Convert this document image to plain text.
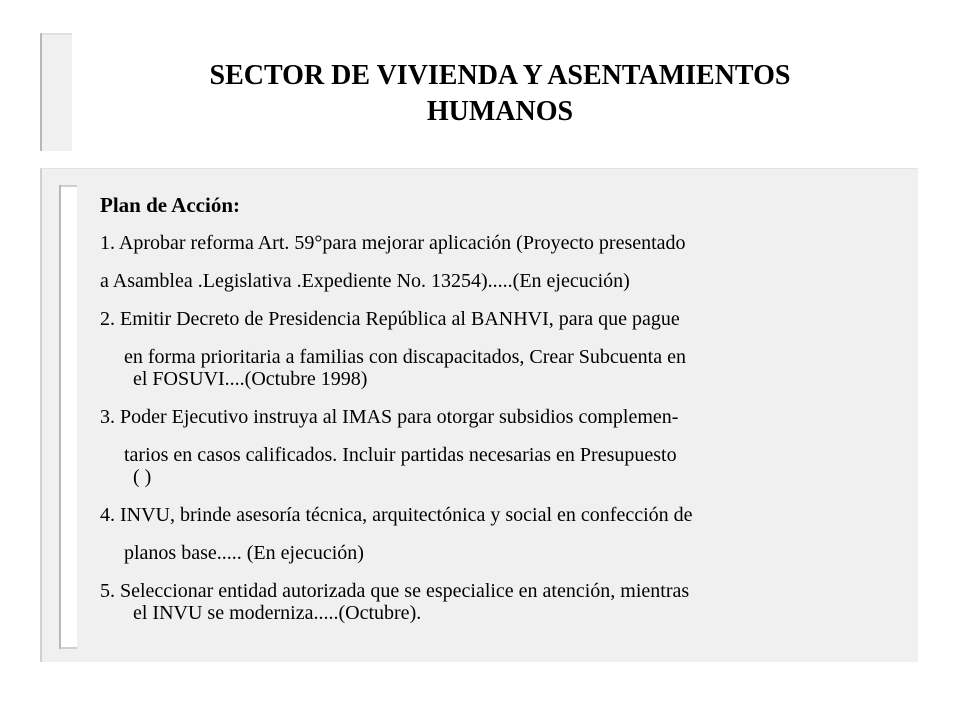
SECTOR DE VIVIENDA Y ASENTAMIENTOS
HUMANOS
Plan de Acción:
1. Aprobar reforma Art. 59°para mejorar aplicación (Proyecto presentado
a Asamblea .Legislativa .Expediente No. 13254).....(En ejecución)
2. Emitir Decreto de Presidencia República al BANHVI, para que pague
en forma prioritaria a familias con discapacitados, Crear Subcuenta en
el FOSUVI....(Octubre 1998)
3. Poder Ejecutivo instruya al IMAS para otorgar subsidios complemen-
tarios en casos calificados. Incluir partidas necesarias en Presupuesto
( )
4. INVU, brinde asesoría técnica, arquitectónica y social en confección de
planos base..... (En ejecución)
5. Seleccionar entidad autorizada que se especialice en atención, mientras
el INVU se moderniza.....(Octubre).
